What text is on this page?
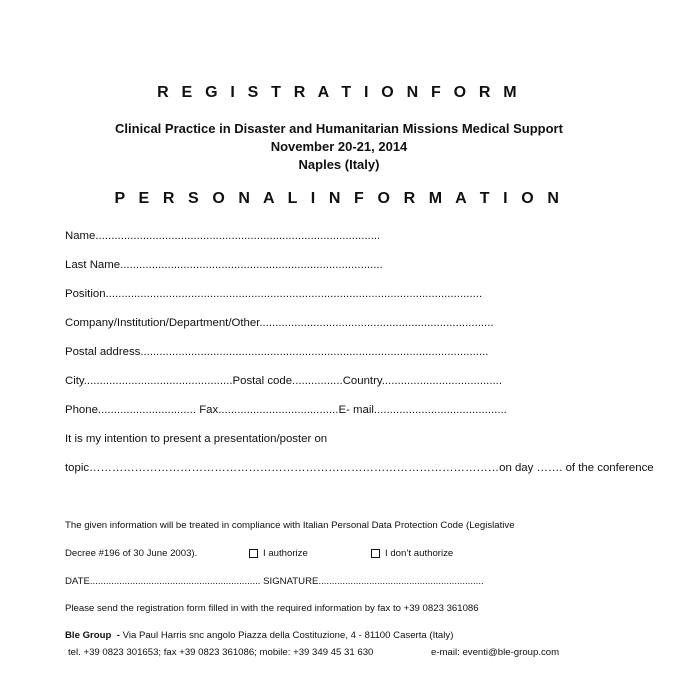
R E G I S T R A T I O N F O R M
Clinical Practice in Disaster and Humanitarian Missions Medical Support
November 20-21, 2014
Naples (Italy)
P E R S O N A L I N F O R M A T I O N
Name..........................................................................................
Last Name...................................................................................
Position.......................................................................................................................
Company/Institution/Department/Other..........................................................................
Postal address..............................................................................................................
City...............................................Postal code................Country......................................
Phone............................... Fax......................................E- mail..........................................
It is my intention to present a presentation/poster on
topic………………………………………………………………………………………………on day ……. of the conference
The given information will be treated in compliance with Italian Personal Data Protection Code (Legislative
Decree #196 of 30 June 2003).	I authorize	I don’t authorize
DATE................................................................ SIGNATURE..............................................................
Please send the registration form filled in with the required information by fax to +39 0823 361086
Ble Group - Via Paul Harris snc angolo Piazza della Costituzione, 4 - 81100 Caserta (Italy)
tel. +39 0823 301653; fax +39 0823 361086; mobile: +39 349 45 31 630	e-mail: eventi@ble-group.com
